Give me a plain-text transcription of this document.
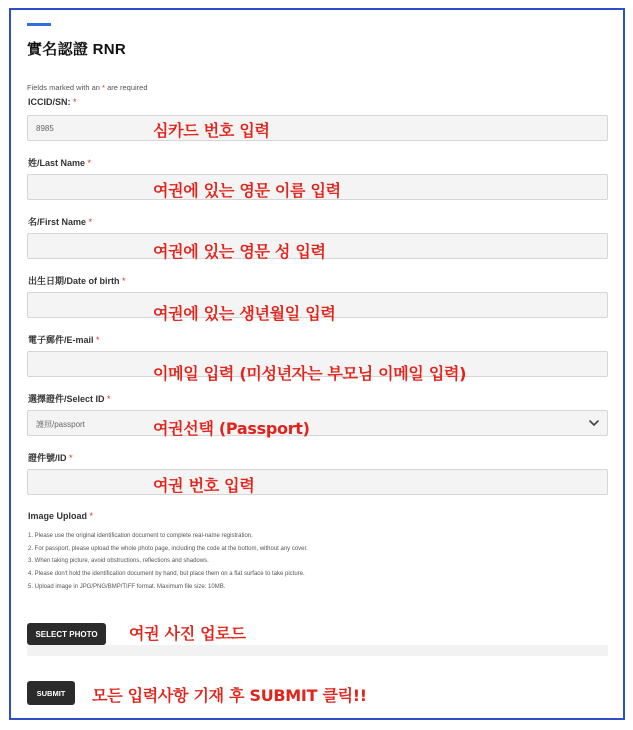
實名認證 RNR
Fields marked with an * are required
ICCID/SN: *
8985	심카드 번호 입력
姓/Last Name *
여권에 있는 영문 이름 입력
名/First Name *
여권에 있는 영문 성 입력
出生日期/Date of birth *
여권에 있는 생년월일 입력
電子郵件/E-mail *
이메일 입력 (미성년자는 부모님 이메일 입력)
選擇證件/Select ID *
護照/passport	여권선택 (Passport)
證件號/ID *
여권 번호 입력
Image Upload *
1. Please use the original identification document to complete real-name registration.
2. For passport, please upload the whole photo page, including the code at the bottom, without any cover.
3. When taking picture, avoid obstructions, reflections and shadows.
4. Please don't hold the identification document by hand, but place them on a flat surface to take picture.
5. Upload image in JPG/PNG/BMP/TIFF format. Maximum file size: 10MB.
SELECT PHOTO	여권 사진 업로드
SUBMIT	모든 입력사항 기재 후 SUBMIT 클릭!!
